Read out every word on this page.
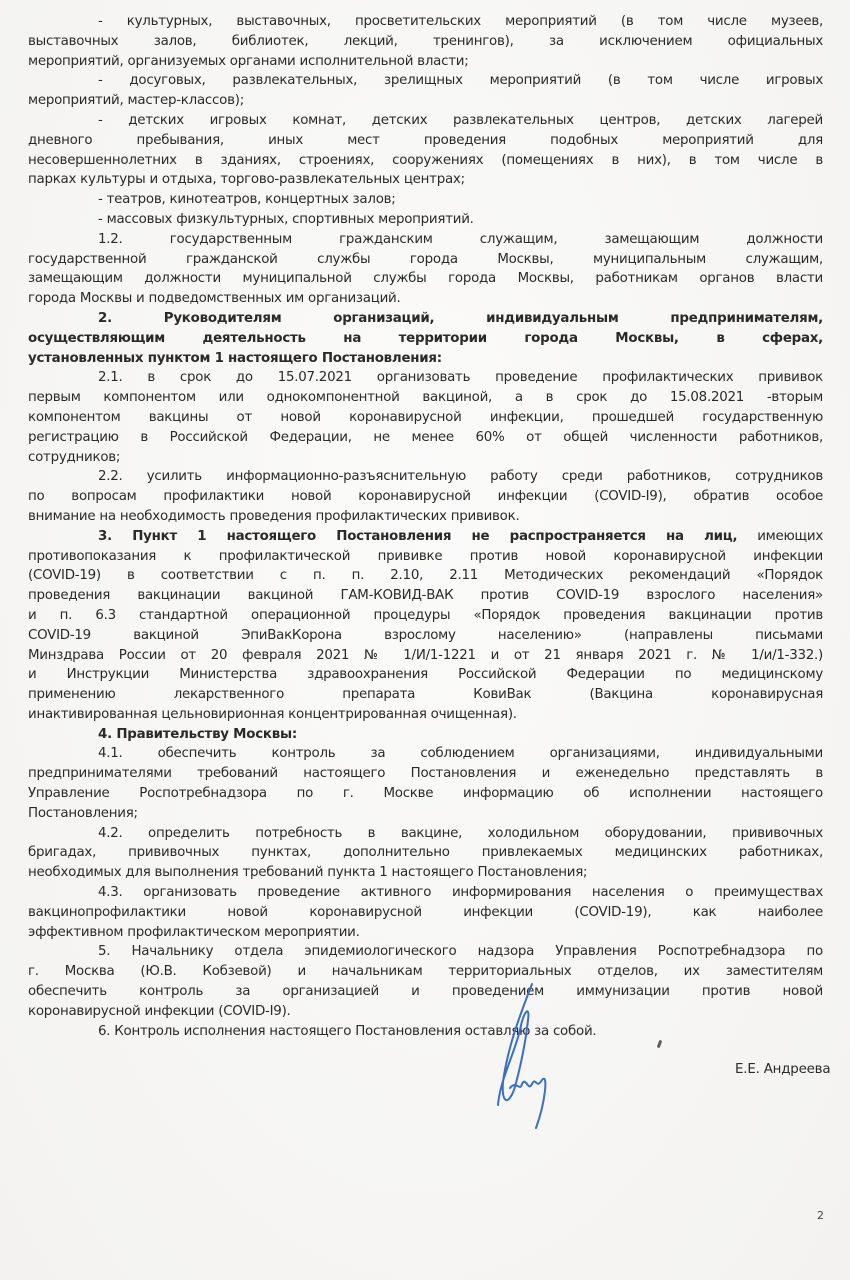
- культурных, выставочных, просветительских мероприятий (в том числе музеев,
выставочных залов, библиотек, лекций, тренингов), за исключением официальных
мероприятий, организуемых органами исполнительной власти;
- досуговых, развлекательных, зрелищных мероприятий (в том числе игровых
мероприятий, мастер-классов);
- детских игровых комнат, детских развлекательных центров, детских лагерей
дневного пребывания, иных мест проведения подобных мероприятий для
несовершеннолетних в зданиях, строениях, сооружениях (помещениях в них), в том числе в
парках культуры и отдыха, торгово-развлекательных центрах;
- театров, кинотеатров, концертных залов;
- массовых физкультурных, спортивных мероприятий.
1.2. государственным гражданским служащим, замещающим должности
государственной гражданской службы города Москвы, муниципальным служащим,
замещающим должности муниципальной службы города Москвы, работникам органов власти
города Москвы и подведомственных им организаций.
2. Руководителям организаций, индивидуальным предпринимателям,
осуществляющим деятельность на территории города Москвы, в сферах,
установленных пунктом 1 настоящего Постановления:
2.1. в срок до 15.07.2021 организовать проведение профилактических прививок
первым компонентом или однокомпонентной вакциной, а в срок до 15.08.2021 -вторым
компонентом вакцины от новой коронавирусной инфекции, прошедшей государственную
регистрацию в Российской Федерации, не менее 60% от общей численности работников,
сотрудников;
2.2. усилить информационно-разъяснительную работу среди работников, сотрудников
по вопросам профилактики новой коронавирусной инфекции (COVID-I9), обратив особое
внимание на необходимость проведения профилактических прививок.
3. Пункт 1 настоящего Постановления не распространяется на лиц, имеющих
противопоказания к профилактической прививке против новой коронавирусной инфекции
(COVID-19) в соответствии с п. п. 2.10, 2.11 Методических рекомендаций «Порядок
проведения вакцинации вакциной ГАМ-КОВИД-ВАК против COVID-19 взрослого населения»
и п. 6.3 стандартной операционной процедуры «Порядок проведения вакцинации против
COVID-19 вакциной ЭпиВакКорона взрослому населению» (направлены письмами
Минздрава России от 20 февраля 2021 № 1/И/1-1221 и от 21 января 2021 г. № 1/и/1-332.)
и Инструкции Министерства здравоохранения Российской Федерации по медицинскому
применению лекарственного препарата КовиВак (Вакцина коронавирусная
инактивированная цельновирионная концентрированная очищенная).
4. Правительству Москвы:
4.1. обеспечить контроль за соблюдением организациями, индивидуальными
предпринимателями требований настоящего Постановления и еженедельно представлять в
Управление Роспотребнадзора по г. Москве информацию об исполнении настоящего
Постановления;
4.2. определить потребность в вакцине, холодильном оборудовании, прививочных
бригадах, прививочных пунктах, дополнительно привлекаемых медицинских работниках,
необходимых для выполнения требований пункта 1 настоящего Постановления;
4.3. организовать проведение активного информирования населения о преимуществах
вакцинопрофилактики новой коронавирусной инфекции (COVID-19), как наиболее
эффективном профилактическом мероприятии.
5. Начальнику отдела эпидемиологического надзора Управления Роспотребнадзора по
г. Москва (Ю.В. Кобзевой) и начальникам территориальных отделов, их заместителям
обеспечить контроль за организацией и проведением иммунизации против новой
коронавирусной инфекции (COVID-I9).
6. Контроль исполнения настоящего Постановления оставляю за собой.
Е.Е. Андреева
2
